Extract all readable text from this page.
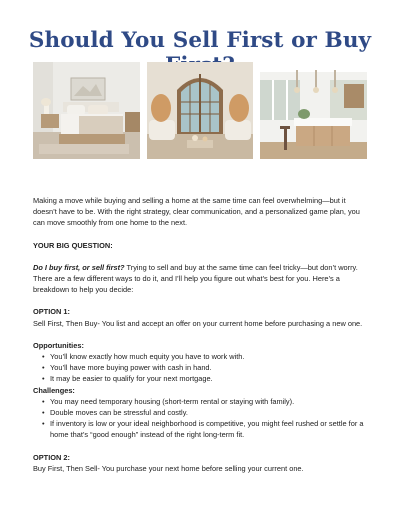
Should You Sell First or Buy

Making a move while buying and selling a home at the same time can feel overwhelming—but it doesn’t have to be. With the right strategy, clear communication, and a personalized game plan, you can move smoothly from one home to the next.

YOUR BIG QUESTION:

Do I buy first, or sell first? Trying to sell and buy at the same time can feel tricky—but don’t worry. There are a few different ways to do it, and I’ll help you figure out what’s best for you. Here’s a breakdown to help you decide:

OPTION 1:

Sell First, Then Buy- You list and accept an offer on your current home before purchasing a new one.

Opportunities:

• You’ll know exactly how much equity you have to work with.
• You’ll have more buying power with cash in hand.
• It may be easier to qualify for your next mortgage.

Challenges:

• You may need temporary housing (short-term rental or staying with family).
• Double moves can be stressful and costly.
• If inventory is low or your ideal neighborhood is competitive, you might feel rushed or settle for a home that’s “good enough” instead of the right long-term fit.

OPTION 2:

Buy First, Then Sell- You purchase your next home before selling your current one.
